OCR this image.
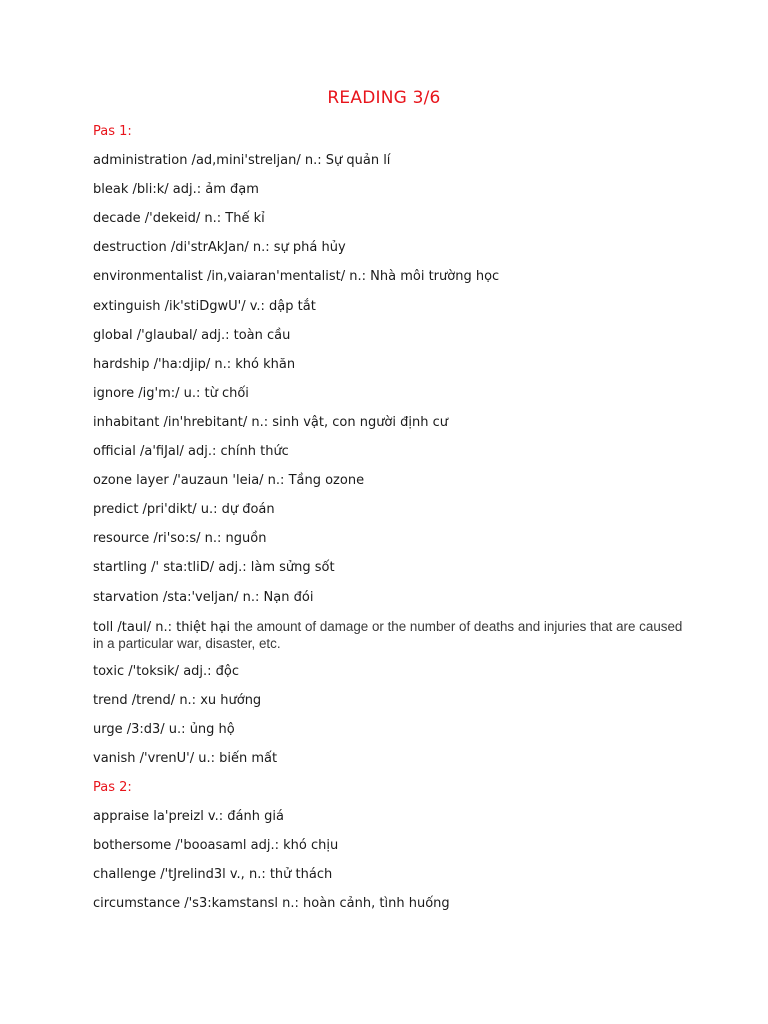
READING 3/6
Pas 1:
administration /ad,mini'streljan/ n.: Sự quản lí
bleak /bli:k/ adj.: ảm đạm
decade /'dekeid/ n.: Thế kỉ
destruction /di'strAkJan/ n.: sự phá hủy
environmentalist /in,vaiaran'mentalist/ n.: Nhà môi trường học
extinguish /ik'stiDgwU'/ v.: dập tắt
global /'glaubal/ adj.: toàn cầu
hardship /'ha:djip/ n.: khó khăn
ignore /ig'm:/ u.: từ chối
inhabitant /in'hrebitant/ n.: sinh vật, con người định cư
official /a'fiJal/ adj.: chính thức
ozone layer /'auzaun 'leia/ n.: Tầng ozone
predict /pri'dikt/ u.: dự đoán
resource /ri'so:s/ n.: nguồn
startling /' sta:tliD/ adj.: làm sửng sốt
starvation /sta:'veljan/ n.: Nạn đói
toll /taul/ n.: thiệt hại the amount of damage or the number of deaths and injuries that are caused in a particular war, disaster, etc.
toxic /'toksik/ adj.: độc
trend /trend/ n.: xu hướng
urge /3:d3/ u.: ủng hộ
vanish /'vrenU'/ u.: biến mất
Pas 2:
appraise la'preizl v.: đánh giá
bothersome /'booasaml adj.: khó chịu
challenge /'tJrelind3l v., n.: thử thách
circumstance /'s3:kamstansl n.: hoàn cảnh, tình huống
